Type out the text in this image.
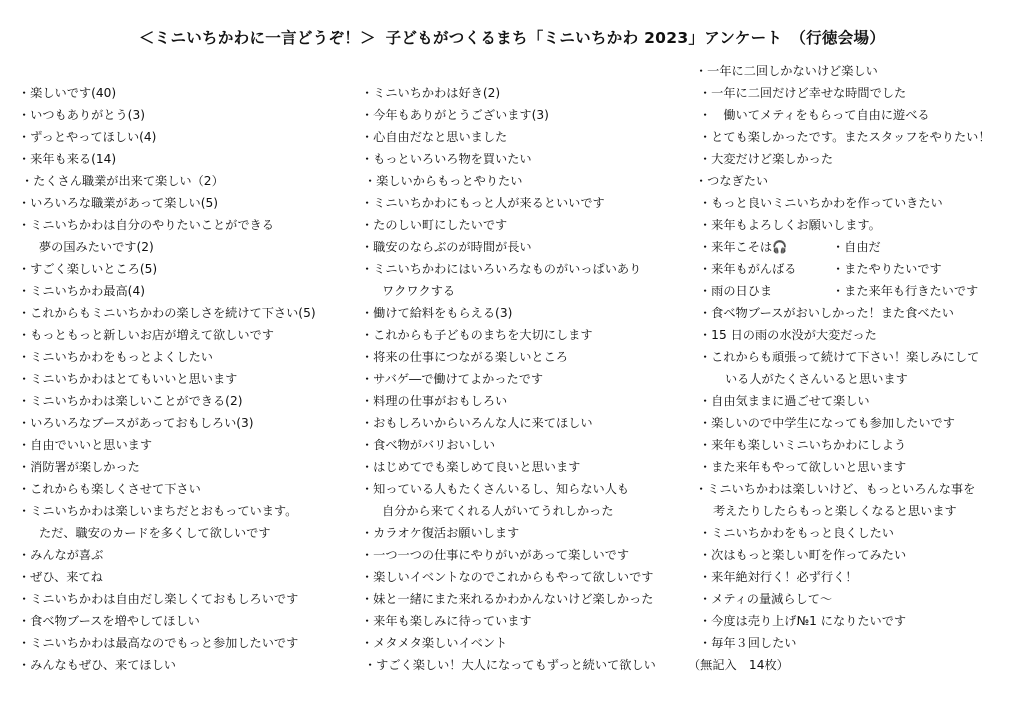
＜ミニいちかわに一言どうぞ！＞ 子どもがつくるまち「ミニいちかわ 2023」アンケート　（行徳会場）
・楽しいです(40)
・いつもありがとう(3)
・ずっとやってほしい(4)
・来年も来る(14)
・たくさん職業が出来て楽しい（2）
・いろいろな職業があって楽しい(5)
・ミニいちかわは自分のやりたいことができる
夢の国みたいです(2)
・すごく楽しいところ(5)
・ミニいちかわ最高(4)
・これからもミニいちかわの楽しさを続けて下さい(5)
・もっともっと新しいお店が増えて欲しいです
・ミニいちかわをもっとよくしたい
・ミニいちかわはとてもいいと思います
・ミニいちかわは楽しいことができる(2)
・いろいろなブースがあっておもしろい(3)
・自由でいいと思います
・消防署が楽しかった
・これからも楽しくさせて下さい
・ミニいちかわは楽しいまちだとおもっています。
ただ、職安のカードを多くして欲しいです
・みんなが喜ぶ
・ぜひ、来てね
・ミニいちかわは自由だし楽しくておもしろいです
・食べ物ブースを増やしてほしい
・ミニいちかわは最高なのでもっと参加したいです
・みんなもぜひ、来てほしい
・ミニいちかわは好き(2)
・今年もありがとうございます(3)
・心自由だなと思いました
・もっといろいろ物を買いたい
・楽しいからもっとやりたい
・ミニいちかわにもっと人が来るといいです
・たのしい町にしたいです
・職安のならぶのが時間が長い
・ミニいちかわにはいろいろなものがいっぱいあり
ワクワクする
・働けて給料をもらえる(3)
・これからも子どものまちを大切にします
・将来の仕事につながる楽しいところ
・サバゲ―で働けてよかったです
・料理の仕事がおもしろい
・おもしろいからいろんな人に来てほしい
・食べ物がバリおいしい
・はじめてでも楽しめて良いと思います
・知っている人もたくさんいるし、知らない人も
自分から来てくれる人がいてうれしかった
・カラオケ復活お願いします
・一つ一つの仕事にやりがいがあって楽しいです
・楽しいイベントなのでこれからもやって欲しいです
・妹と一緒にまた来れるかわかんないけど楽しかった
・来年も楽しみに待っています
・メタメタ楽しいイベント
・すごく楽しい！大人になってもずっと続いて欲しい
・一年に二回しかないけど楽しい
・一年に二回だけど幸せな時間でした
・　働いてメティをもらって自由に遊べる
・とても楽しかったです。またスタッフをやりたい！
・大変だけど楽しかった
・つなぎたい
・もっと良いミニいちかわを作っていきたい
・来年もよろしくお願いします。
・来年こそは🎧
・来年もがんばる
・雨の日ひま
・自由だ
・またやりたいです
・また来年も行きたいです
・食べ物ブースがおいしかった！また食べたい
・15 日の雨の水没が大変だった
・これからも頑張って続けて下さい！楽しみにして
いる人がたくさんいると思います
・自由気ままに過ごせて楽しい
・楽しいので中学生になっても参加したいです
・来年も楽しいミニいちかわにしよう
・また来年もやって欲しいと思います
・ミニいちかわは楽しいけど、もっといろんな事を
考えたりしたらもっと楽しくなると思います
・ミニいちかわをもっと良くしたい
・次はもっと楽しい町を作ってみたい
・来年絶対行く！必ず行く！
・メティの量減らして～
・今度は売り上げ№1 になりたいです
・毎年３回したい
（無記入　14枚）
